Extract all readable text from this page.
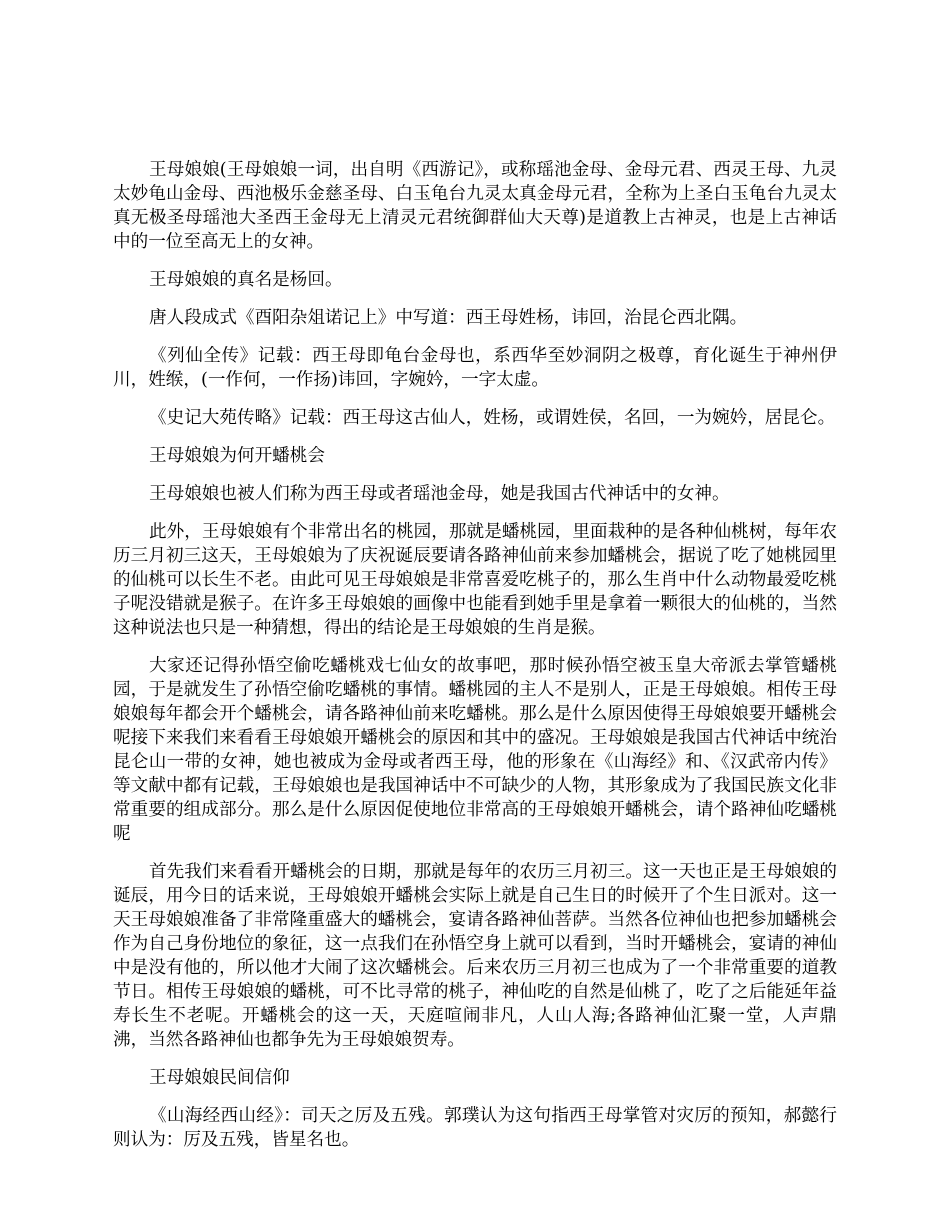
王母娘娘(王母娘娘一词，出自明《西游记》，或称瑶池金母、金母元君、西灵王母、九灵太妙龟山金母、西池极乐金慈圣母、白玉龟台九灵太真金母元君，全称为上圣白玉龟台九灵太真无极圣母瑶池大圣西王金母无上清灵元君统御群仙大天尊)是道教上古神灵，也是上古神话中的一位至高无上的女神。

王母娘娘的真名是杨回。

唐人段成式《酉阳杂俎诺记上》中写道：西王母姓杨，讳回，治昆仑西北隅。

《列仙全传》记载：西王母即龟台金母也，系西华至妙洞阴之极尊，育化诞生于神州伊川，姓缑，(一作何，一作扬)讳回，字婉妗，一字太虚。

《史记大苑传略》记载：西王母这古仙人，姓杨，或谓姓侯，名回，一为婉妗，居昆仑。

王母娘娘为何开蟠桃会

王母娘娘也被人们称为西王母或者瑶池金母，她是我国古代神话中的女神。

此外，王母娘娘有个非常出名的桃园，那就是蟠桃园，里面栽种的是各种仙桃树，每年农历三月初三这天，王母娘娘为了庆祝诞辰要请各路神仙前来参加蟠桃会，据说了吃了她桃园里的仙桃可以长生不老。由此可见王母娘娘是非常喜爱吃桃子的，那么生肖中什么动物最爱吃桃子呢没错就是猴子。在许多王母娘娘的画像中也能看到她手里是拿着一颗很大的仙桃的，当然这种说法也只是一种猜想，得出的结论是王母娘娘的生肖是猴。

大家还记得孙悟空偷吃蟠桃戏七仙女的故事吧，那时候孙悟空被玉皇大帝派去掌管蟠桃园，于是就发生了孙悟空偷吃蟠桃的事情。蟠桃园的主人不是别人，正是王母娘娘。相传王母娘娘每年都会开个蟠桃会，请各路神仙前来吃蟠桃。那么是什么原因使得王母娘娘要开蟠桃会呢接下来我们来看看王母娘娘开蟠桃会的原因和其中的盛况。王母娘娘是我国古代神话中统治昆仑山一带的女神，她也被成为金母或者西王母，他的形象在《山海经》和、《汉武帝内传》等文献中都有记载，王母娘娘也是我国神话中不可缺少的人物，其形象成为了我国民族文化非常重要的组成部分。那么是什么原因促使地位非常高的王母娘娘开蟠桃会，请个路神仙吃蟠桃呢

首先我们来看看开蟠桃会的日期，那就是每年的农历三月初三。这一天也正是王母娘娘的诞辰，用今日的话来说，王母娘娘开蟠桃会实际上就是自己生日的时候开了个生日派对。这一天王母娘娘准备了非常隆重盛大的蟠桃会，宴请各路神仙菩萨。当然各位神仙也把参加蟠桃会作为自己身份地位的象征，这一点我们在孙悟空身上就可以看到，当时开蟠桃会，宴请的神仙中是没有他的，所以他才大闹了这次蟠桃会。后来农历三月初三也成为了一个非常重要的道教节日。相传王母娘娘的蟠桃，可不比寻常的桃子，神仙吃的自然是仙桃了，吃了之后能延年益寿长生不老呢。开蟠桃会的这一天，天庭喧闹非凡，人山人海;各路神仙汇聚一堂，人声鼎沸，当然各路神仙也都争先为王母娘娘贺寿。

王母娘娘民间信仰

《山海经西山经》：司天之厉及五残。郭璞认为这句指西王母掌管对灾厉的预知，郝懿行则认为：厉及五残，皆星名也。
